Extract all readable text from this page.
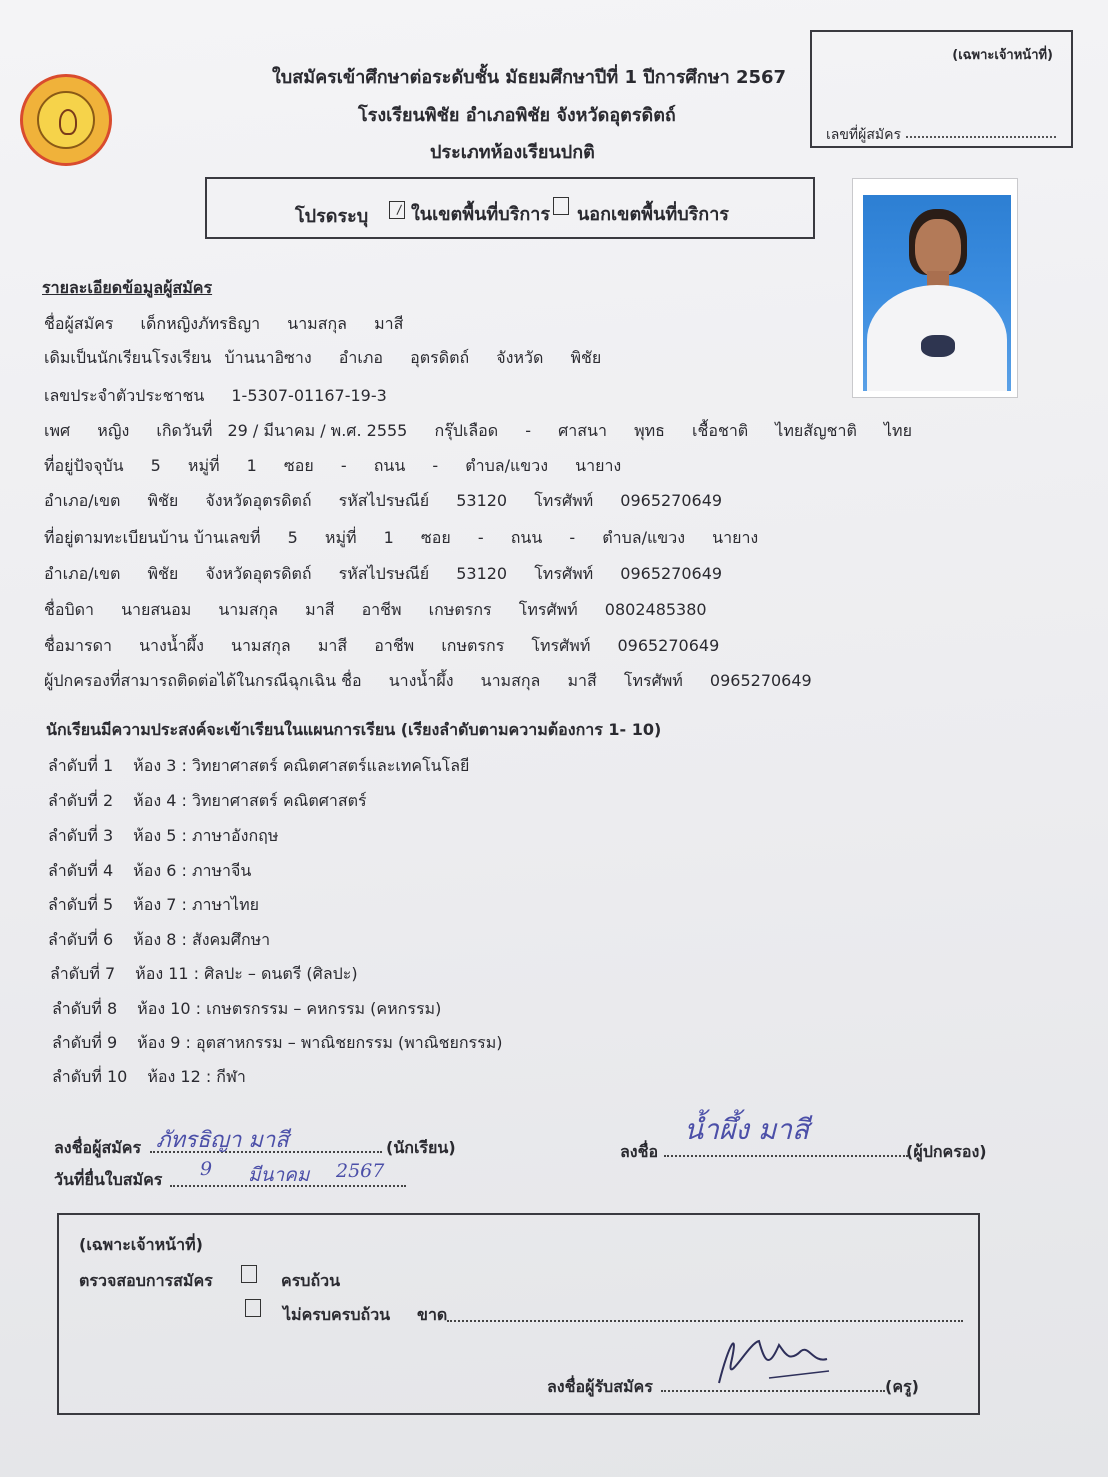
ใบสมัครเข้าศึกษาต่อระดับชั้น มัธยมศึกษาปีที่ 1 ปีการศึกษา 2567
โรงเรียนพิชัย อำเภอพิชัย จังหวัดอุตรดิตถ์
ประเภทห้องเรียนปกติ
(เฉพาะเจ้าหน้าที่)
เลขที่ผู้สมัคร
โปรดระบุ ในเขตพื้นที่บริการ นอกเขตพื้นที่บริการ
รายละเอียดข้อมูลผู้สมัคร
ชื่อผู้สมัคร เด็กหญิงภัทรธิญา นามสกุล มาสี
เดิมเป็นนักเรียนโรงเรียน บ้านนาอิซาง อำเภอ อุตรดิตถ์ จังหวัด พิชัย
เลขประจำตัวประชาชน 1-5307-01167-19-3
เพศ หญิง เกิดวันที่ 29 / มีนาคม / พ.ศ. 2555 กรุ๊ปเลือด - ศาสนา พุทธ เชื้อชาติ ไทยสัญชาติ ไทย
ที่อยู่ปัจจุบัน 5 หมู่ที่ 1 ซอย - ถนน - ตำบล/แขวง นายาง
อำเภอ/เขต พิชัย จังหวัดอุตรดิตถ์ รหัสไปรษณีย์ 53120 โทรศัพท์ 0965270649
ที่อยู่ตามทะเบียนบ้าน บ้านเลขที่ 5 หมู่ที่ 1 ซอย - ถนน - ตำบล/แขวง นายาง
อำเภอ/เขต พิชัย จังหวัดอุตรดิตถ์ รหัสไปรษณีย์ 53120 โทรศัพท์ 0965270649
ชื่อบิดา นายสนอม นามสกุล มาสี อาชีพ เกษตรกร โทรศัพท์ 0802485380
ชื่อมารดา นางน้ำผึ้ง นามสกุล มาสี อาชีพ เกษตรกร โทรศัพท์ 0965270649
ผู้ปกครองที่สามารถติดต่อได้ในกรณีฉุกเฉิน ชื่อ นางน้ำผึ้ง นามสกุล มาสี โทรศัพท์ 0965270649
นักเรียนมีความประสงค์จะเข้าเรียนในแผนการเรียน (เรียงลำดับตามความต้องการ 1- 10)
ลำดับที่ 1 ห้อง 3 : วิทยาศาสตร์ คณิตศาสตร์และเทคโนโลยี
ลำดับที่ 2 ห้อง 4 : วิทยาศาสตร์ คณิตศาสตร์
ลำดับที่ 3 ห้อง 5 : ภาษาอังกฤษ
ลำดับที่ 4 ห้อง 6 : ภาษาจีน
ลำดับที่ 5 ห้อง 7 : ภาษาไทย
ลำดับที่ 6 ห้อง 8 : สังคมศึกษา
ลำดับที่ 7 ห้อง 11 : ศิลปะ – ดนตรี (ศิลปะ)
ลำดับที่ 8 ห้อง 10 : เกษตรกรรม – คหกรรม (คหกรรม)
ลำดับที่ 9 ห้อง 9 : อุตสาหกรรม – พาณิชยกรรม (พาณิชยกรรม)
ลำดับที่ 10 ห้อง 12 : กีฬา
ลงชื่อผู้สมัคร ภัทรธิญา มาสี	(นักเรียน)
วันที่ยื่นใบสมัคร 9 มีนาคม 2567
ลงชื่อ
น้ำผึ้ง มาสี
(ผู้ปกครอง)
(เฉพาะเจ้าหน้าที่)
ตรวจสอบการสมัคร	ครบถ้วน
ไม่ครบครบถ้วน ขาด
ลงชื่อผู้รับสมัคร	(ครู)
